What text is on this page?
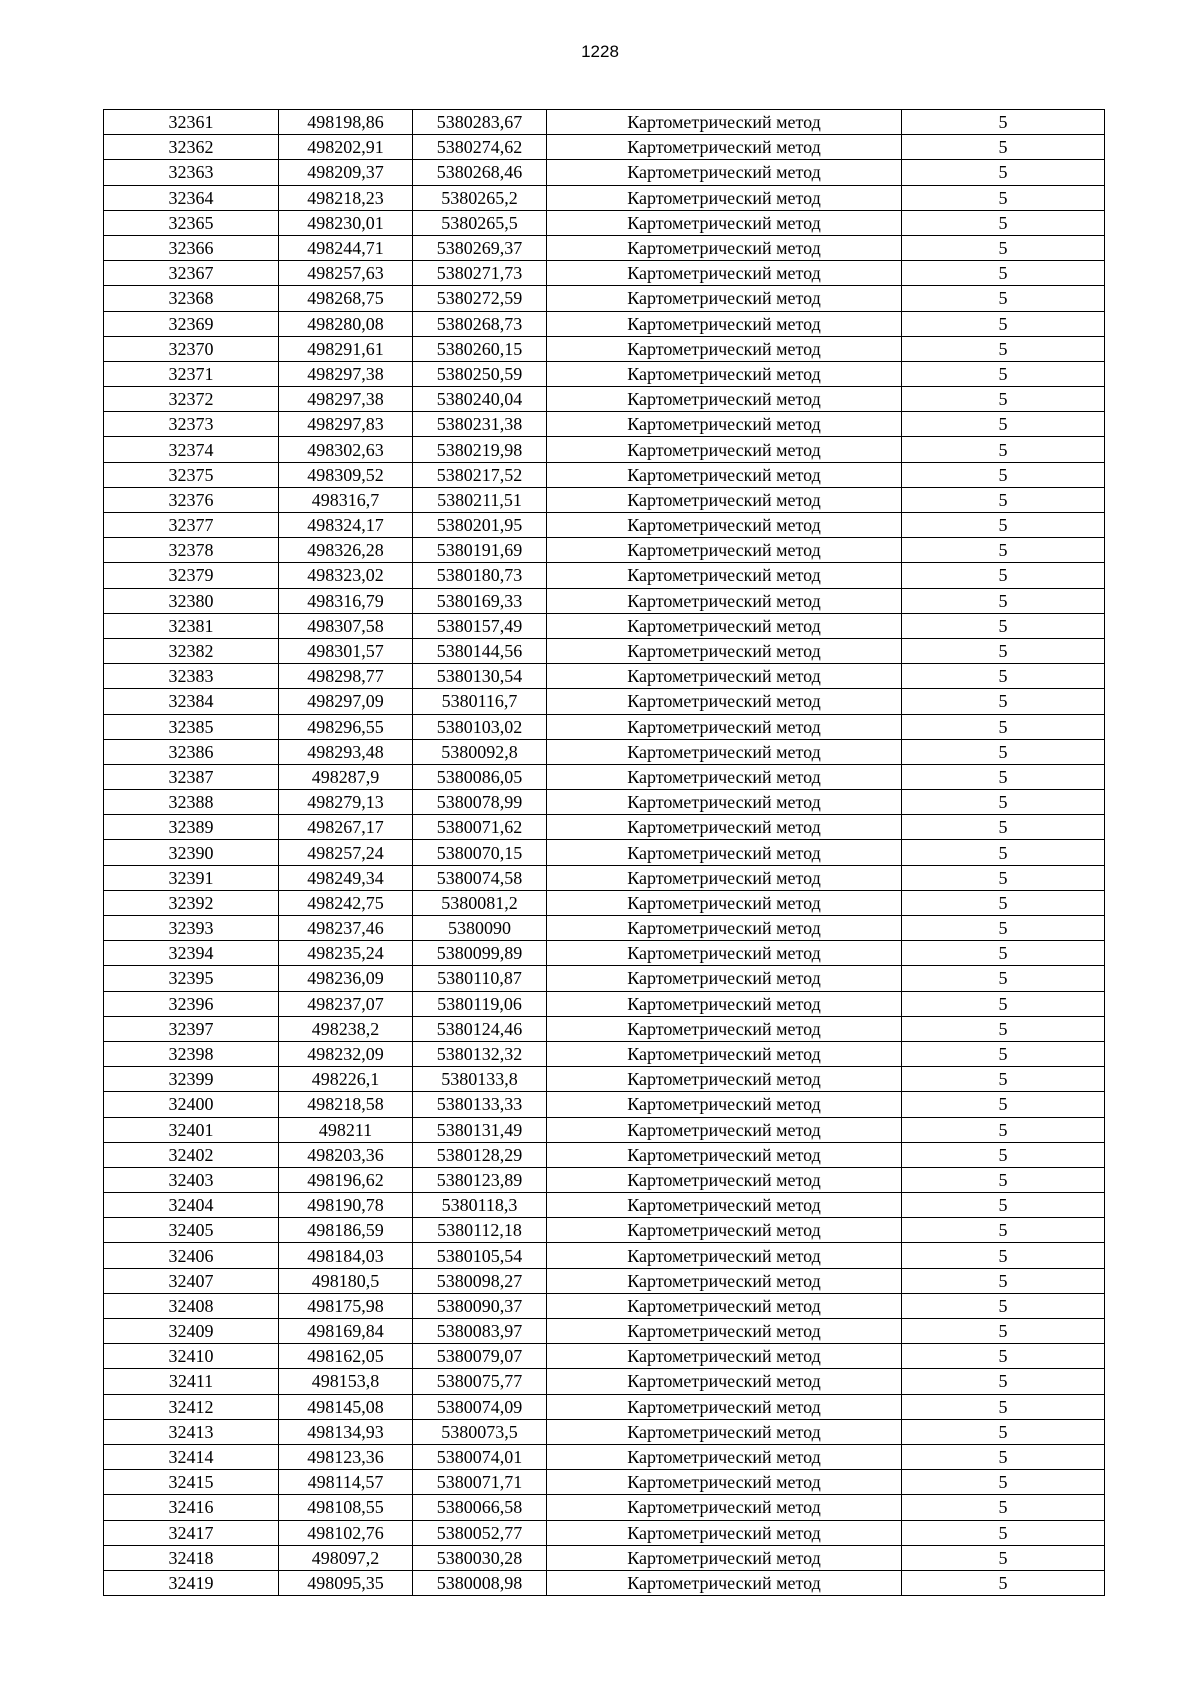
1228
32361	498198,86	5380283,67	Картометрический метод	5
32362	498202,91	5380274,62	Картометрический метод	5
32363	498209,37	5380268,46	Картометрический метод	5
32364	498218,23	5380265,2	Картометрический метод	5
32365	498230,01	5380265,5	Картометрический метод	5
32366	498244,71	5380269,37	Картометрический метод	5
32367	498257,63	5380271,73	Картометрический метод	5
32368	498268,75	5380272,59	Картометрический метод	5
32369	498280,08	5380268,73	Картометрический метод	5
32370	498291,61	5380260,15	Картометрический метод	5
32371	498297,38	5380250,59	Картометрический метод	5
32372	498297,38	5380240,04	Картометрический метод	5
32373	498297,83	5380231,38	Картометрический метод	5
32374	498302,63	5380219,98	Картометрический метод	5
32375	498309,52	5380217,52	Картометрический метод	5
32376	498316,7	5380211,51	Картометрический метод	5
32377	498324,17	5380201,95	Картометрический метод	5
32378	498326,28	5380191,69	Картометрический метод	5
32379	498323,02	5380180,73	Картометрический метод	5
32380	498316,79	5380169,33	Картометрический метод	5
32381	498307,58	5380157,49	Картометрический метод	5
32382	498301,57	5380144,56	Картометрический метод	5
32383	498298,77	5380130,54	Картометрический метод	5
32384	498297,09	5380116,7	Картометрический метод	5
32385	498296,55	5380103,02	Картометрический метод	5
32386	498293,48	5380092,8	Картометрический метод	5
32387	498287,9	5380086,05	Картометрический метод	5
32388	498279,13	5380078,99	Картометрический метод	5
32389	498267,17	5380071,62	Картометрический метод	5
32390	498257,24	5380070,15	Картометрический метод	5
32391	498249,34	5380074,58	Картометрический метод	5
32392	498242,75	5380081,2	Картометрический метод	5
32393	498237,46	5380090	Картометрический метод	5
32394	498235,24	5380099,89	Картометрический метод	5
32395	498236,09	5380110,87	Картометрический метод	5
32396	498237,07	5380119,06	Картометрический метод	5
32397	498238,2	5380124,46	Картометрический метод	5
32398	498232,09	5380132,32	Картометрический метод	5
32399	498226,1	5380133,8	Картометрический метод	5
32400	498218,58	5380133,33	Картометрический метод	5
32401	498211	5380131,49	Картометрический метод	5
32402	498203,36	5380128,29	Картометрический метод	5
32403	498196,62	5380123,89	Картометрический метод	5
32404	498190,78	5380118,3	Картометрический метод	5
32405	498186,59	5380112,18	Картометрический метод	5
32406	498184,03	5380105,54	Картометрический метод	5
32407	498180,5	5380098,27	Картометрический метод	5
32408	498175,98	5380090,37	Картометрический метод	5
32409	498169,84	5380083,97	Картометрический метод	5
32410	498162,05	5380079,07	Картометрический метод	5
32411	498153,8	5380075,77	Картометрический метод	5
32412	498145,08	5380074,09	Картометрический метод	5
32413	498134,93	5380073,5	Картометрический метод	5
32414	498123,36	5380074,01	Картометрический метод	5
32415	498114,57	5380071,71	Картометрический метод	5
32416	498108,55	5380066,58	Картометрический метод	5
32417	498102,76	5380052,77	Картометрический метод	5
32418	498097,2	5380030,28	Картометрический метод	5
32419	498095,35	5380008,98	Картометрический метод	5
